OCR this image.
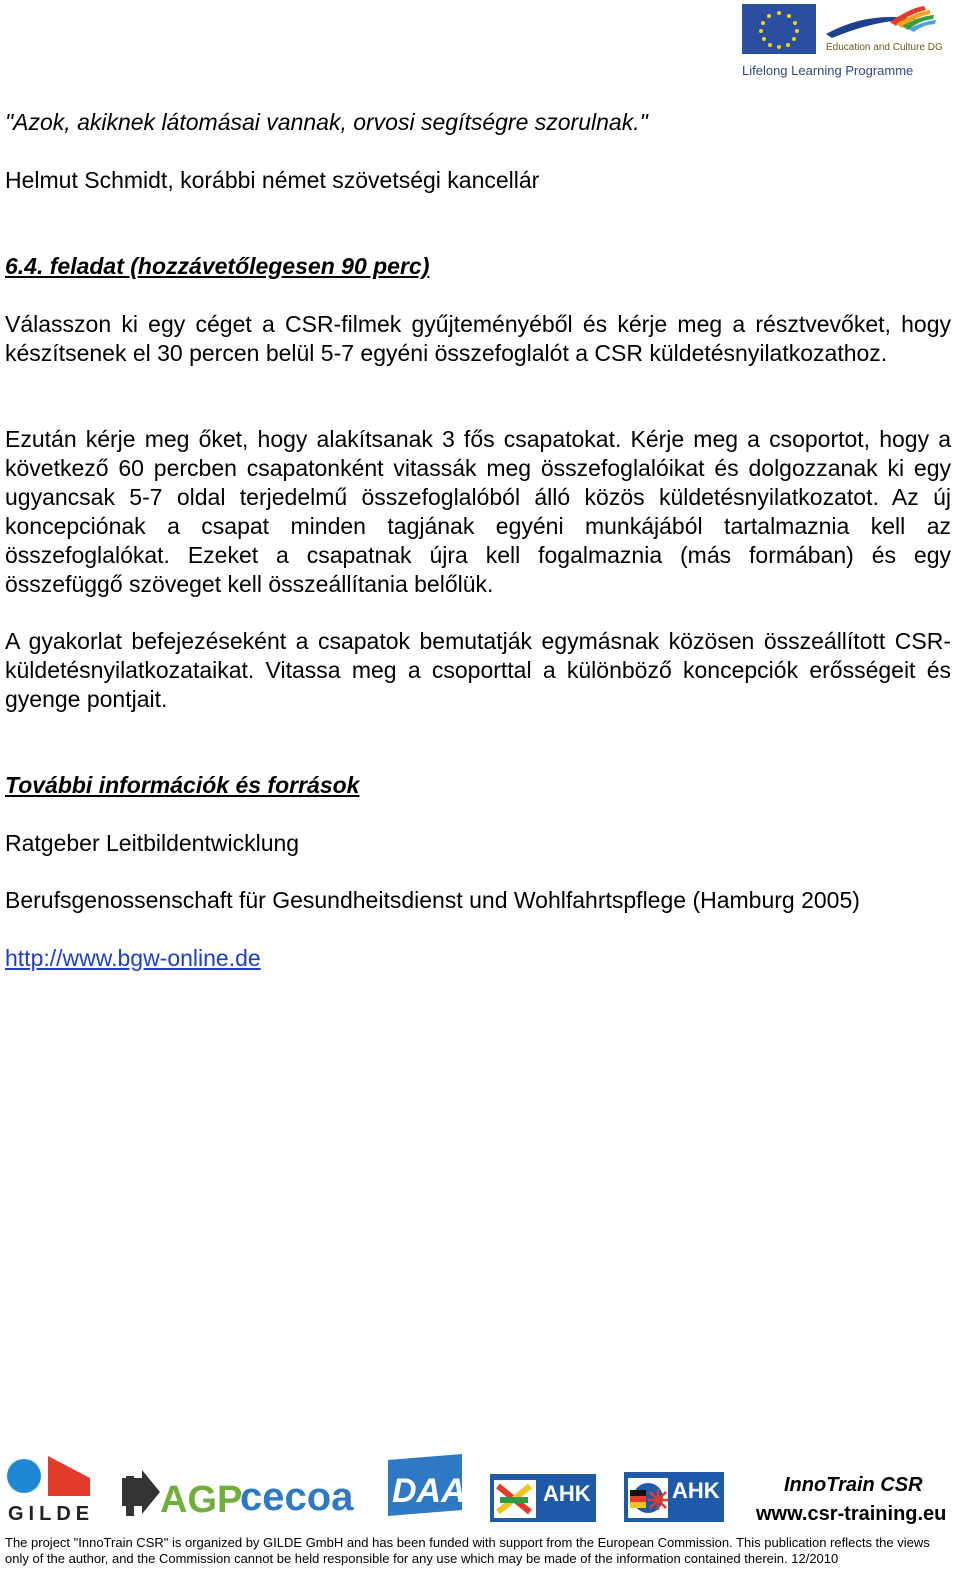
Education and Culture DG
Lifelong Learning Programme
"Azok, akiknek látomásai vannak, orvosi segítségre szorulnak."
Helmut Schmidt, korábbi német szövetségi kancellár
6.4. feladat (hozzávetőlegesen 90 perc)
Válasszon ki egy céget a CSR-filmek gyűjteményéből és kérje meg a résztvevőket, hogy készítsenek el 30 percen belül 5-7 egyéni összefoglalót a CSR küldetésnyilatkozathoz.
Ezután kérje meg őket, hogy alakítsanak 3 fős csapatokat. Kérje meg a csoportot, hogy a következő 60 percben csapatonként vitassák meg összefoglalóikat és dolgozzanak ki egy ugyancsak 5-7 oldal terjedelmű összefoglalóból álló közös küldetésnyilatkozatot. Az új koncepciónak a csapat minden tagjának egyéni munkájából tartalmaznia kell az összefoglalókat. Ezeket a csapatnak újra kell fogalmaznia (más formában) és egy összefüggő szöveget kell összeállítania belőlük.
A gyakorlat befejezéseként a csapatok bemutatják egymásnak közösen összeállított CSR-küldetésnyilatkozataikat. Vitassa meg a csoporttal a különböző koncepciók erősségeit és gyenge pontjait.
További információk és források
Ratgeber Leitbildentwicklung
Berufsgenossenschaft für Gesundheitsdienst und Wohlfahrtspflege (Hamburg 2005)
http://www.bgw-online.de
GILDE AGP
cecoa DAA	AHK	AHK	InnoTrain CSR
www.csr-training.eu
The project "InnoTrain CSR" is organized by GILDE GmbH and has been funded with support from the European Commission. This publication reflects the views only of the author, and the Commission cannot be held responsible for any use which may be made of the information contained therein. 12/2010
